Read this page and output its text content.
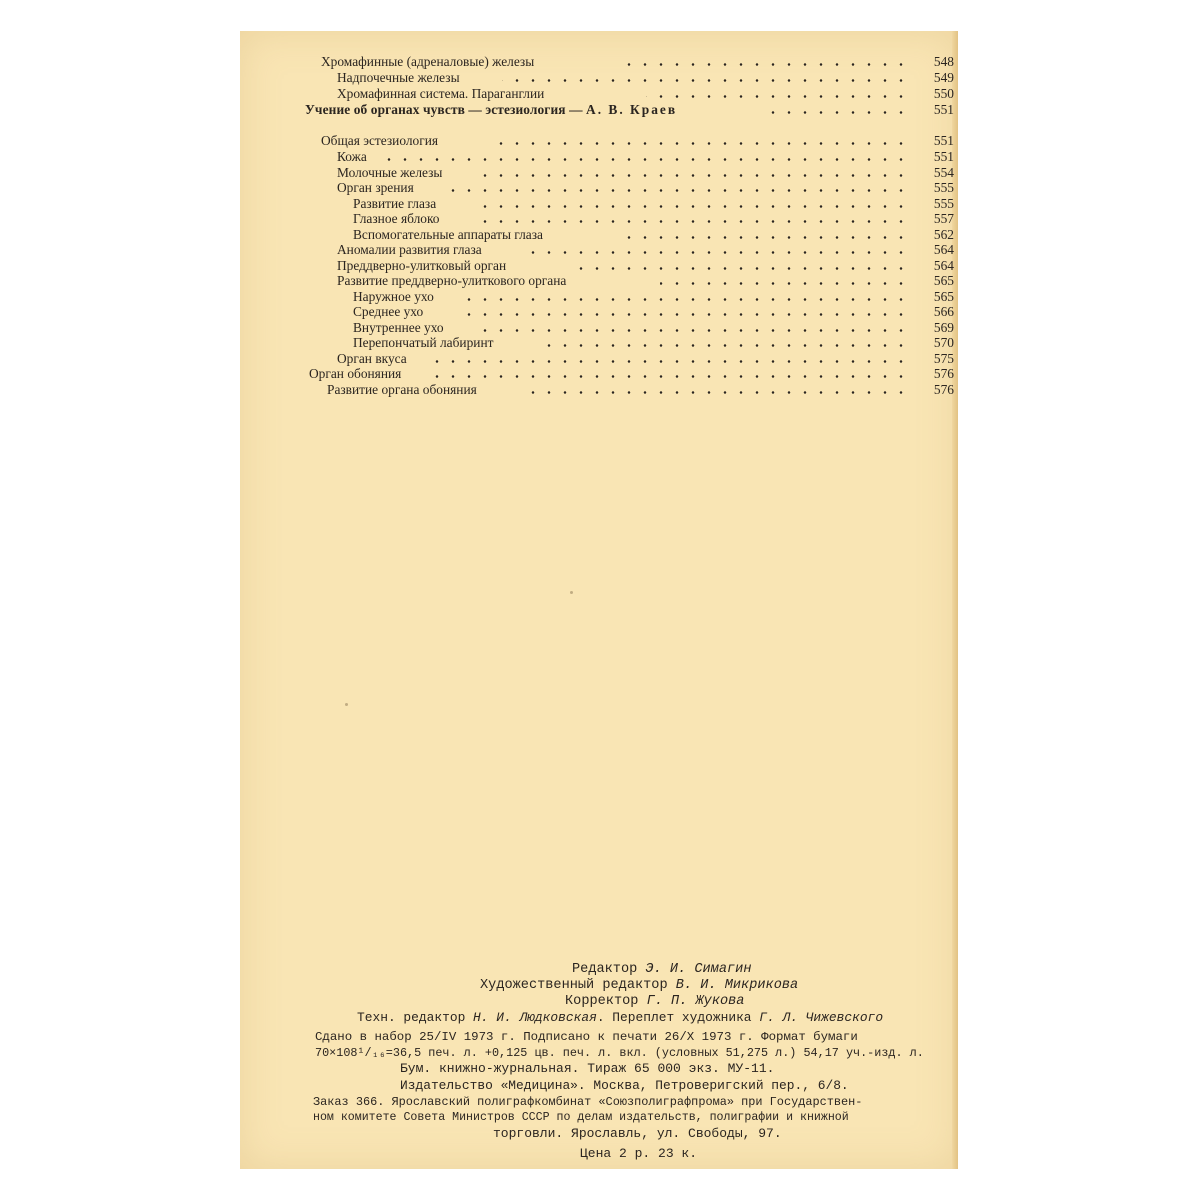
Хромафинные (адреналовые) железы	548
Надпочечные железы	549
Хромафинная система. Параганглии	550
Учение об органах чувств — эстезиология — А. В. Краев	551
Общая эстезиология	551
Кожа	551
Молочные железы	554
Орган зрения	555
Развитие глаза	555
Глазное яблоко	557
Вспомогательные аппараты глаза	562
Аномалии развития глаза	564
Преддверно-улитковый орган	564
Развитие преддверно-улиткового органа	565
Наружное ухо	565
Среднее ухо	566
Внутреннее ухо	569
Перепончатый лабиринт	570
Орган вкуса	575
Орган обоняния	576
Развитие органа обоняния	576
Редактор Э. И. Симагин
Художественный редактор В. И. Микрикова
Корректор Г. П. Жукова
Техн. редактор Н. И. Людковская. Переплет художника Г. Л. Чижевского
Сдано в набор 25/IV 1973 г. Подписано к печати 26/X 1973 г. Формат бумаги
70×108¹/₁₆=36,5 печ. л. +0,125 цв. печ. л. вкл. (условных 51,275 л.) 54,17 уч.-изд. л.
Бум. книжно-журнальная. Тираж 65 000 экз. МУ-11.
Издательство «Медицина». Москва, Петроверигский пер., 6/8.
Заказ 366. Ярославский полиграфкомбинат «Союзполиграфпрома» при Государствен-
ном комитете Совета Министров СССР по делам издательств, полиграфии и книжной
торговли. Ярославль, ул. Свободы, 97.
Цена 2 р. 23 к.
